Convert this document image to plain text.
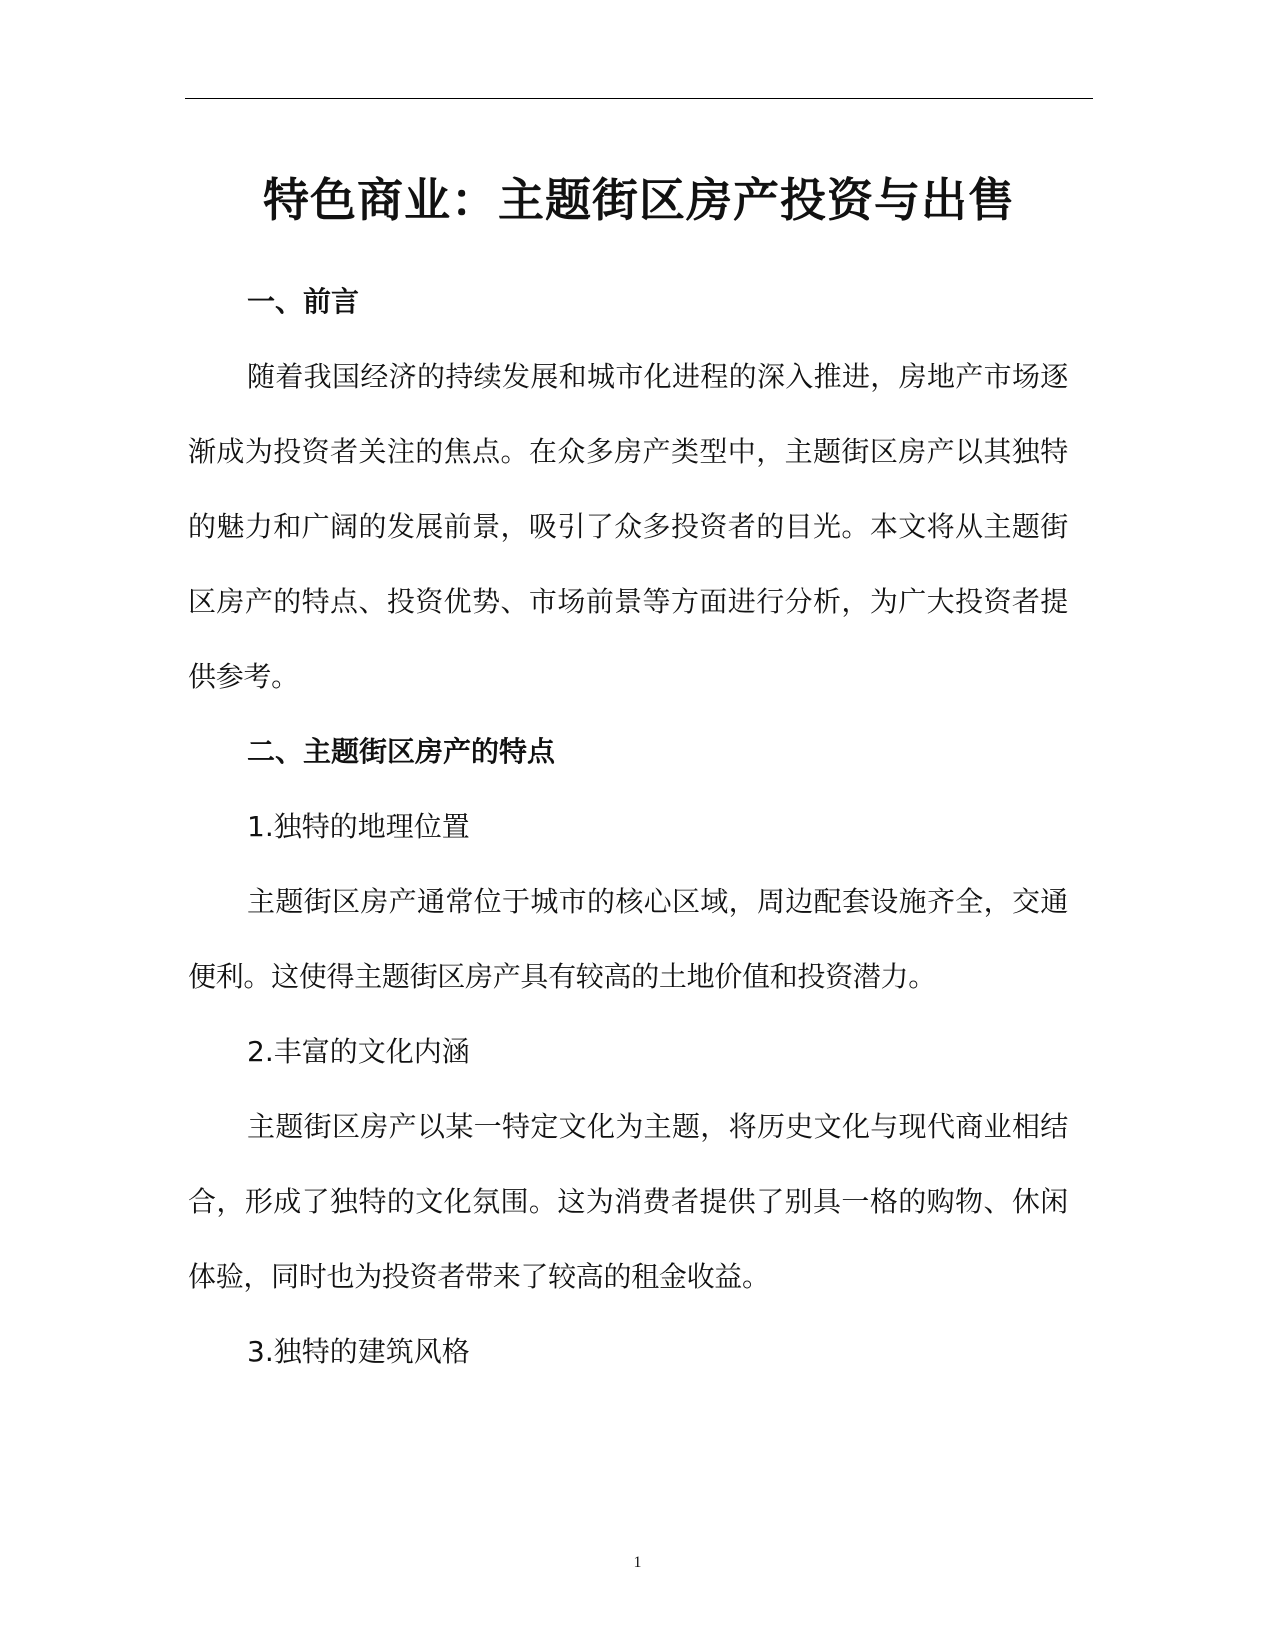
特色商业：主题街区房产投资与出售

一、前言

随着我国经济的持续发展和城市化进程的深入推进，房地产市场逐渐成为投资者关注的焦点。在众多房产类型中，主题街区房产以其独特的魅力和广阔的发展前景，吸引了众多投资者的目光。本文将从主题街区房产的特点、投资优势、市场前景等方面进行分析，为广大投资者提供参考。

二、主题街区房产的特点

1.独特的地理位置

主题街区房产通常位于城市的核心区域，周边配套设施齐全，交通便利。这使得主题街区房产具有较高的土地价值和投资潜力。

2.丰富的文化内涵

主题街区房产以某一特定文化为主题，将历史文化与现代商业相结合，形成了独特的文化氛围。这为消费者提供了别具一格的购物、休闲体验，同时也为投资者带来了较高的租金收益。

3.独特的建筑风格

1
